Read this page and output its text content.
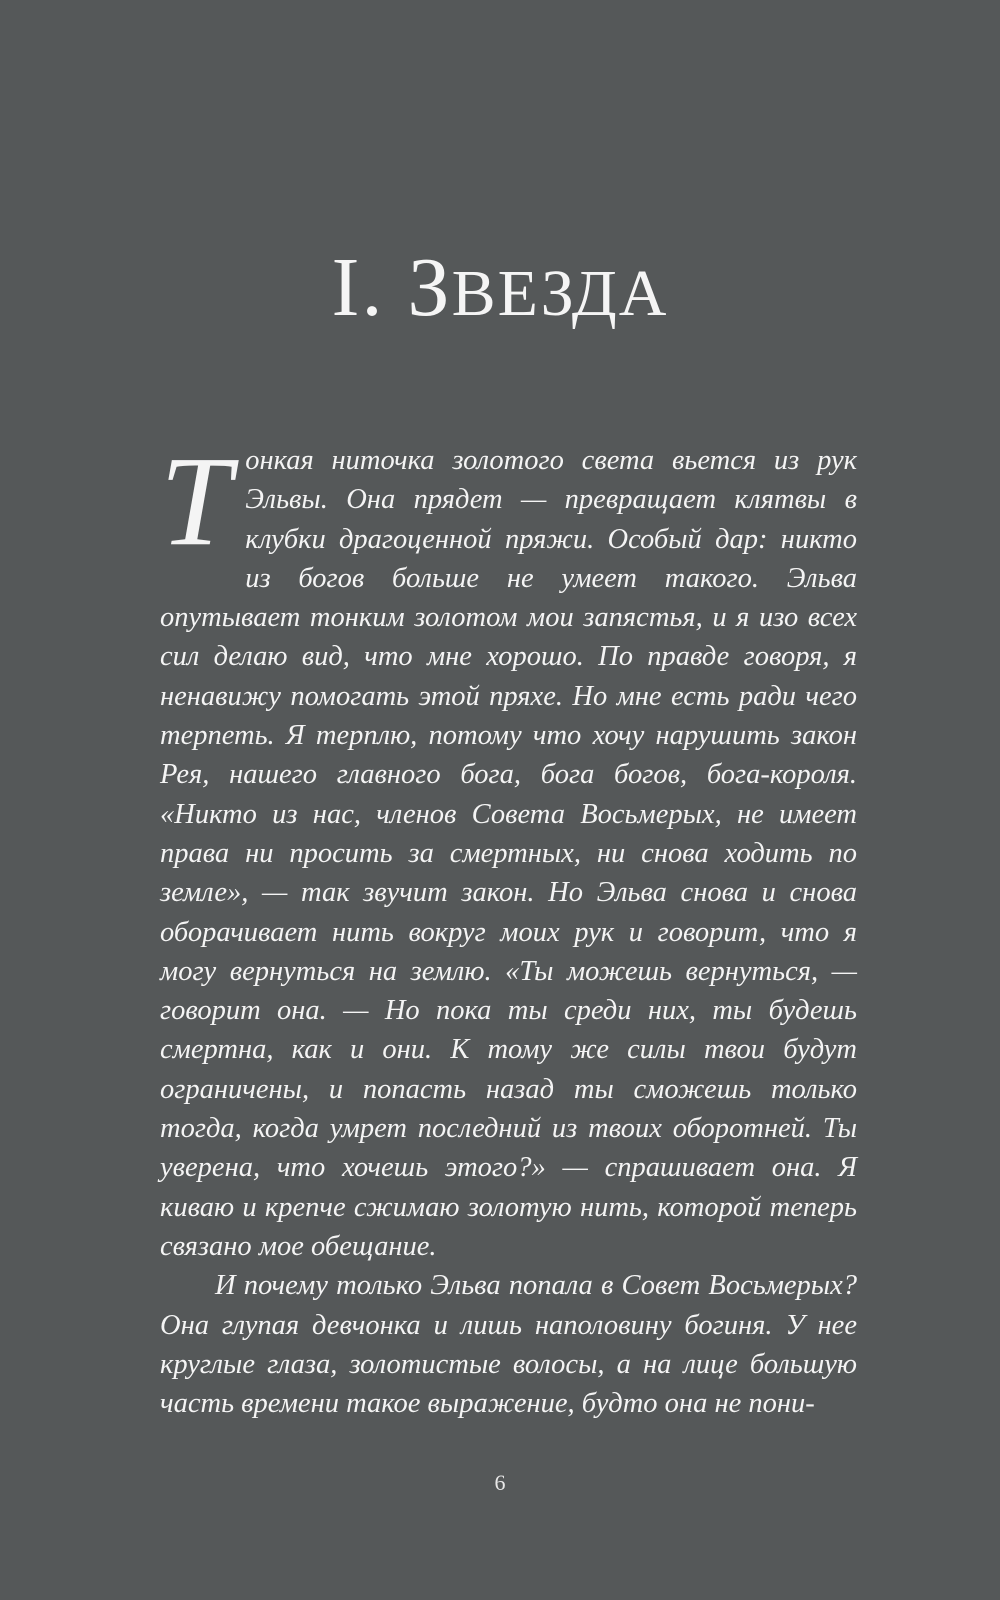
I. ЗВЕЗДА

Тонкая ниточка золотого света вьется из рук Эльвы. Она прядет — превращает клятвы в клубки драгоценной пряжи. Особый дар: никто из богов больше не умеет такого. Эльва опутывает тонким золотом мои запястья, и я изо всех сил делаю вид, что мне хорошо. По правде говоря, я ненавижу помогать этой пряхе. Но мне есть ради чего терпеть. Я терплю, потому что хочу нарушить закон Рея, нашего главного бога, бога богов, бога-короля. «Никто из нас, членов Совета Восьмерых, не имеет права ни просить за смертных, ни снова ходить по земле», — так звучит закон. Но Эльва снова и снова оборачивает нить вокруг моих рук и говорит, что я могу вернуться на землю. «Ты можешь вернуться, — говорит она. — Но пока ты среди них, ты будешь смертна, как и они. К тому же силы твои будут ограничены, и попасть назад ты сможешь только тогда, когда умрет последний из твоих оборотней. Ты уверена, что хочешь этого?» — спрашивает она. Я киваю и крепче сжимаю золотую нить, которой теперь связано мое обещание.

И почему только Эльва попала в Совет Восьмерых? Она глупая девчонка и лишь наполовину богиня. У нее круглые глаза, золотистые волосы, а на лице большую часть времени такое выражение, будто она не пони-

6
